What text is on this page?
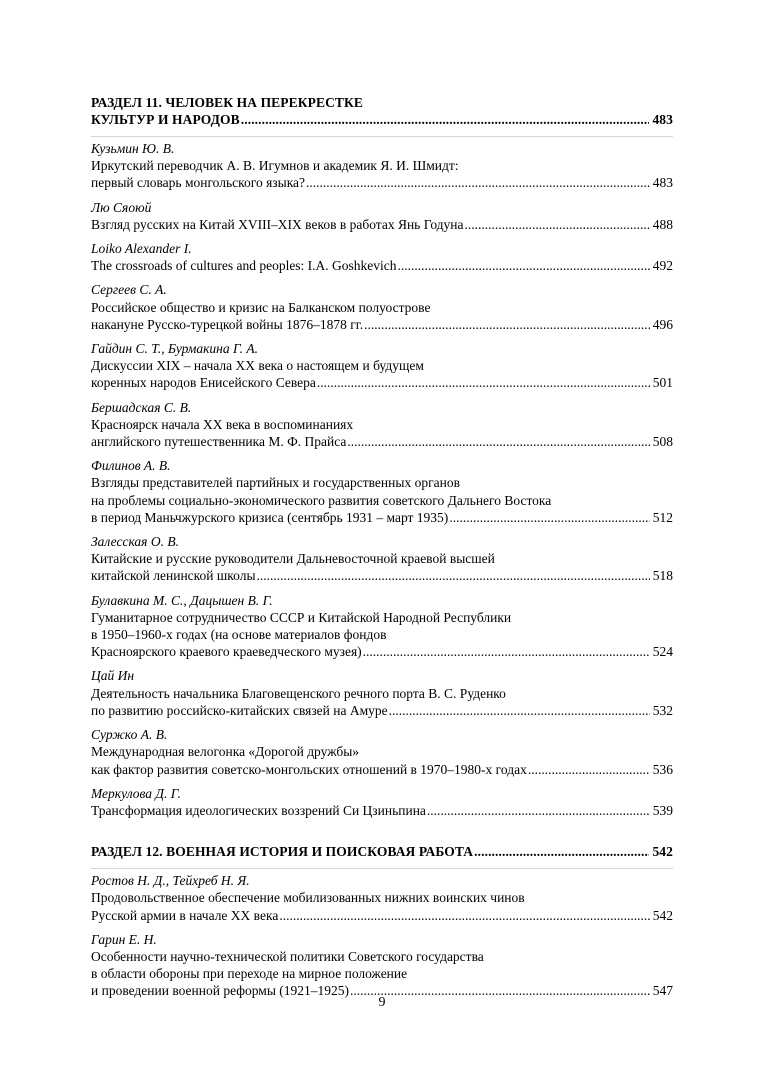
РАЗДЕЛ 11. ЧЕЛОВЕК НА ПЕРЕКРЕСТКЕ
КУЛЬТУР И НАРОДОВ .....	483
Кузьмин Ю. В.
Иркутский переводчик А. В. Игумнов и академик Я. И. Шмидт:
первый словарь монгольского языка? .....	483
Лю Сяоюй
Взгляд русских на Китай XVIII–XIX веков в работах Янь Годуна .....	488
Loiko Alexander I.
The crossroads of cultures and peoples: I.A. Goshkevich .....	492
Сергеев С. А.
Российское общество и кризис на Балканском полуострове
накануне Русско-турецкой войны 1876–1878 гг. .....	496
Гайдин С. Т., Бурмакина Г. А.
Дискуссии XIX – начала XX века о настоящем и будущем
коренных народов Енисейского Севера .....	501
Бершадская С. В.
Красноярск начала XX века в воспоминаниях
английского путешественника М. Ф. Прайса .....	508
Филинов А. В.
Взгляды представителей партийных и государственных органов
на проблемы социально-экономического развития советского Дальнего Востока
в период Маньчжурского кризиса (сентябрь 1931 – март 1935) .....	512
Залесская О. В.
Китайские и русские руководители Дальневосточной краевой высшей
китайской ленинской школы .....	518
Булавкина М. С., Дацышен В. Г.
Гуманитарное сотрудничество СССР и Китайской Народной Республики
в 1950–1960-х годах (на основе материалов фондов
Красноярского краевого краеведческого музея) .....	524
Цай Ин
Деятельность начальника Благовещенского речного порта В. С. Руденко
по развитию российско-китайских связей на Амуре .....	532
Суржко А. В.
Международная велогонка «Дорогой дружбы»
как фактор развития советско-монгольских отношений в 1970–1980-х годах .....	536
Меркулова Д. Г.
Трансформация идеологических воззрений Си Цзиньпина .....	539
РАЗДЕЛ 12. ВОЕННАЯ ИСТОРИЯ И ПОИСКОВАЯ РАБОТА .....	542
Ростов Н. Д., Тейхреб Н. Я.
Продовольственное обеспечение мобилизованных нижних воинских чинов
Русской армии в начале XX века .....	542
Гарин Е. Н.
Особенности научно-технической политики Советского государства
в области обороны при переходе на мирное положение
и проведении военной реформы (1921–1925) .....	547
9
